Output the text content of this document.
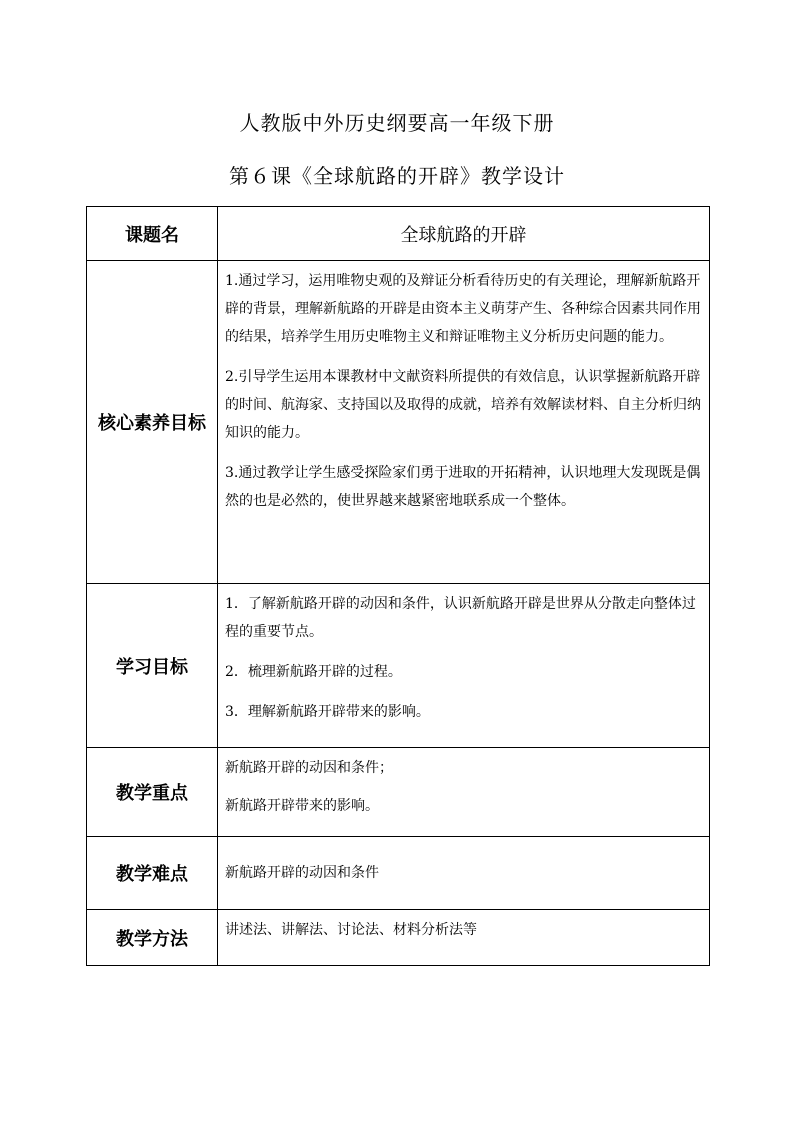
人教版中外历史纲要高一年级下册
第６课《全球航路的开辟》教学设计
课题名	全球航路的开辟
核心素养目标	1.通过学习，运用唯物史观的及辩证分析看待历史的有关理论，理解新航路开辟的背景，理解新航路的开辟是由资本主义萌芽产生、各种综合因素共同作用的结果，培养学生用历史唯物主义和辩证唯物主义分析历史问题的能力。

2.引导学生运用本课教材中文献资料所提供的有效信息，认识掌握新航路开辟的时间、航海家、支持国以及取得的成就，培养有效解读材料、自主分析归纳知识的能力。

3.通过教学让学生感受探险家们勇于进取的开拓精神，认识地理大发现既是偶然的也是必然的，使世界越来越紧密地联系成一个整体。

学习目标	1．了解新航路开辟的动因和条件，认识新航路开辟是世界从分散走向整体过程的重要节点。

2．梳理新航路开辟的过程。

3．理解新航路开辟带来的影响。

教学重点	新航路开辟的动因和条件；

新航路开辟带来的影响。

教学难点	新航路开辟的动因和条件

教学方法	讲述法、讲解法、讨论法、材料分析法等
